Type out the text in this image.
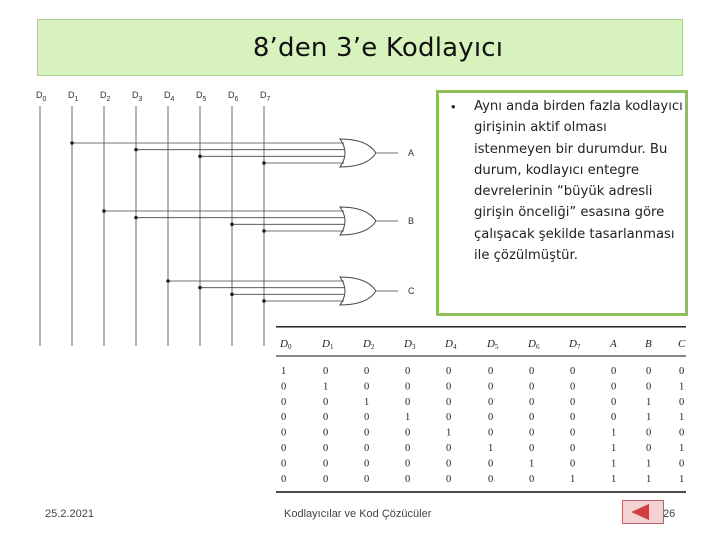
8’den 3’e Kodlayıcı
$D_0$ $D_1$ $D_2$ $D_3$ $D_4$ $D_5$ $D_6$ $D_7$
A
B
C
• Aynı anda birden fazla kodlayıcı girişinin aktif olması istenmeyen bir durumdur. Bu durum, kodlayıcı entegre devrelerinin “büyük adresli girişin önceliği” esasına göre çalışacak şekilde tasarlanması ile çözülmüştür.
D0	D1	D2	D3	D4	D5	D6	D7	A	B C
1	0	0	0	0	0	0	0	0	0	0
0	1	0	0	0	0	0	0	0	0	1
0	0	1	0	0	0	0	0	0	1	0
0	0	0	1	0	0	0	0	0	1	1
0	0	0	0	1	0	0	0	1	0	0
0	0	0	0	0	1	0	0	1	0	1
0	0	0	0	0	0	1	0	1	1	0
0	0	0	0	0	0	0	1	1	1	1
25.2.2021	Kodlayıcılar ve Kod Çözücüler	26
